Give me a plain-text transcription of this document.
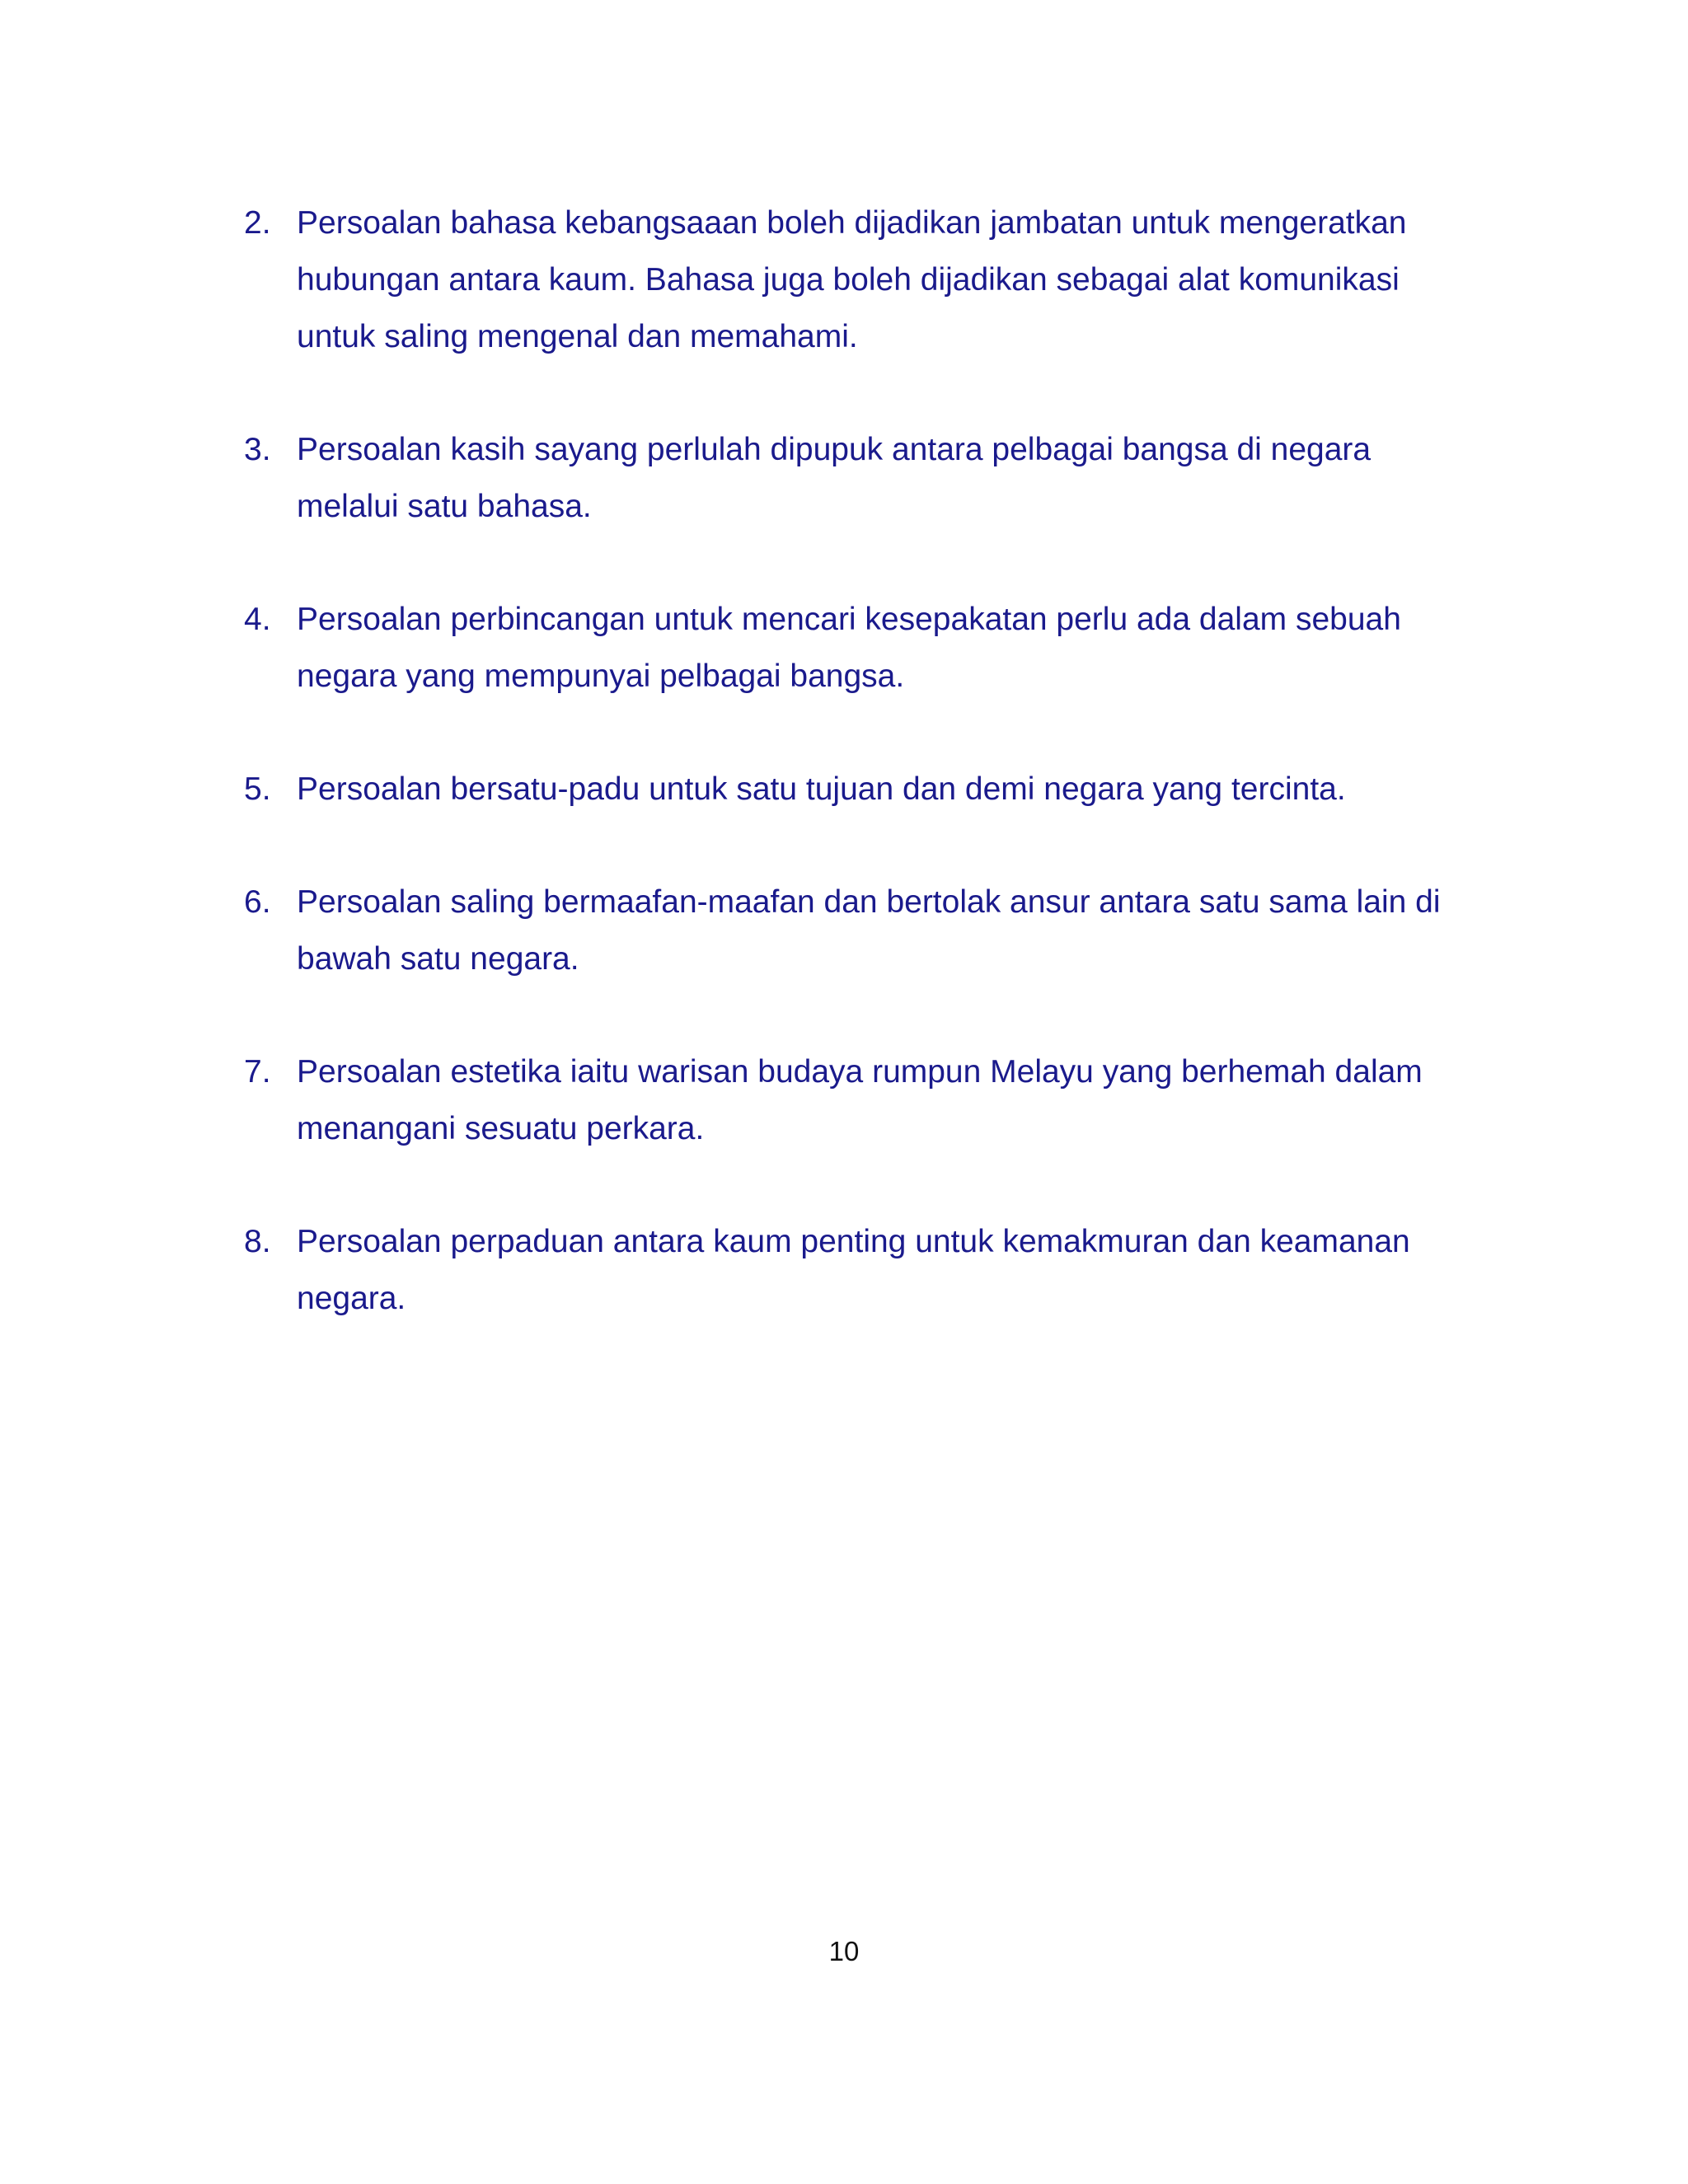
2. Persoalan bahasa kebangsaaan boleh dijadikan jambatan untuk mengeratkan hubungan antara kaum. Bahasa juga boleh dijadikan sebagai alat komunikasi untuk saling mengenal dan memahami.
3. Persoalan kasih sayang perlulah dipupuk antara pelbagai bangsa di negara melalui satu bahasa.
4. Persoalan perbincangan untuk mencari kesepakatan perlu ada dalam sebuah negara yang mempunyai pelbagai bangsa.
5. Persoalan bersatu-padu untuk satu tujuan dan demi negara yang tercinta.
6. Persoalan saling bermaafan-maafan dan bertolak ansur antara satu sama lain di bawah satu negara.
7. Persoalan estetika iaitu warisan budaya rumpun Melayu yang berhemah dalam menangani sesuatu perkara.
8. Persoalan perpaduan antara kaum penting untuk kemakmuran dan keamanan negara.
10
